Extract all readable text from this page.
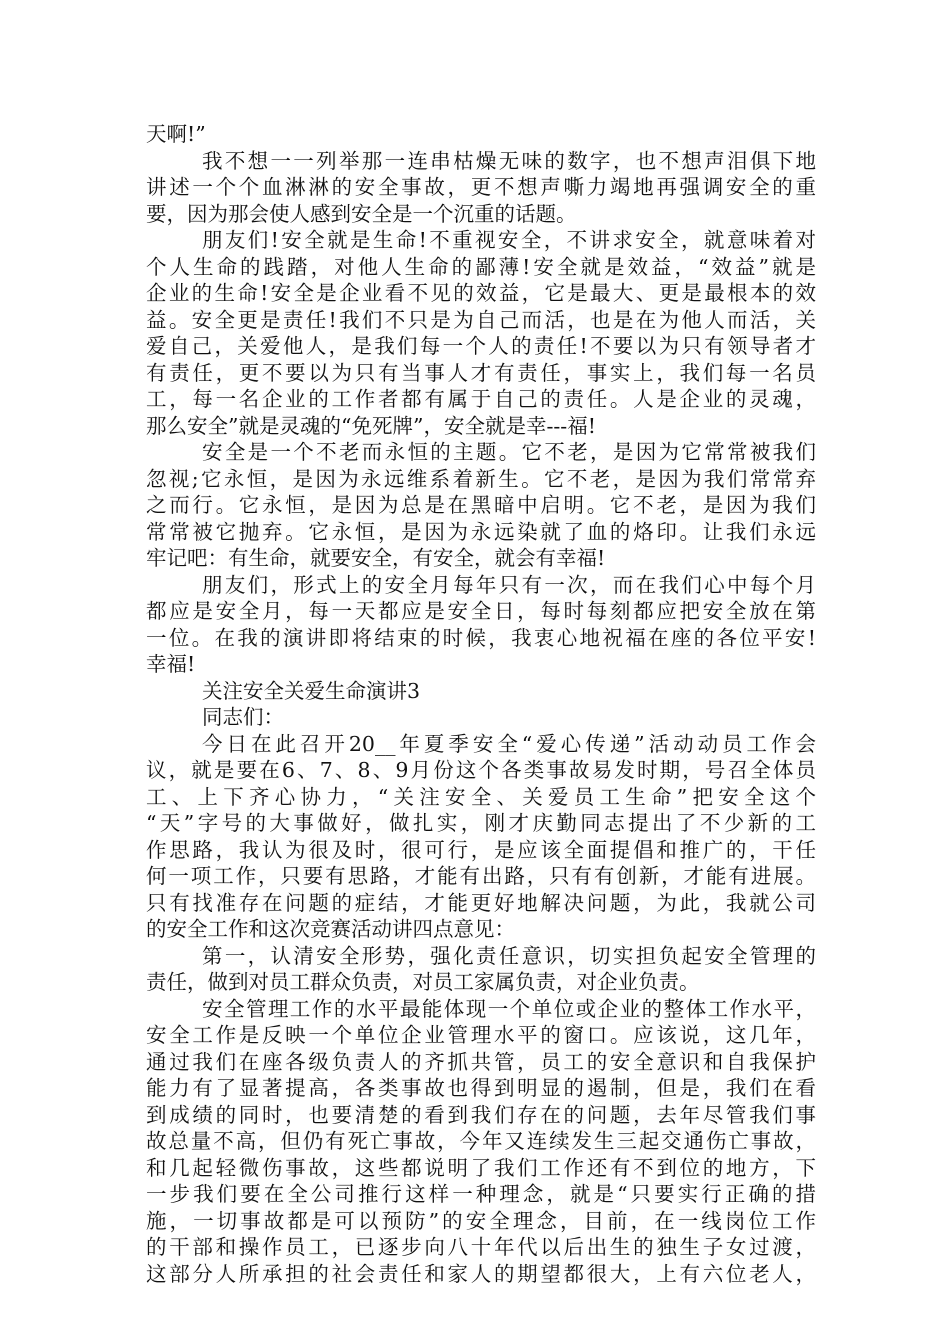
天啊!”
我不想一一列举那一连串枯燥无味的数字，也不想声泪俱下地
讲述一个个血淋淋的安全事故，更不想声嘶力竭地再强调安全的重
要，因为那会使人感到安全是一个沉重的话题。
朋友们!安全就是生命!不重视安全，不讲求安全，就意味着对
个人生命的践踏，对他人生命的鄙薄!安全就是效益，“效益”就是
企业的生命!安全是企业看不见的效益，它是最大、更是最根本的效
益。安全更是责任!我们不只是为自己而活，也是在为他人而活，关
爱自己，关爱他人，是我们每一个人的责任!不要以为只有领导者才
有责任，更不要以为只有当事人才有责任，事实上，我们每一名员
工，每一名企业的工作者都有属于自己的责任。人是企业的灵魂，
那么安全”就是灵魂的“免死牌”，安全就是幸---福!
安全是一个不老而永恒的主题。它不老，是因为它常常被我们
忽视;它永恒，是因为永远维系着新生。它不老，是因为我们常常弃
之而行。它永恒，是因为总是在黑暗中启明。它不老，是因为我们
常常被它抛弃。它永恒，是因为永远染就了血的烙印。让我们永远
牢记吧：有生命，就要安全，有安全，就会有幸福!
朋友们，形式上的安全月每年只有一次，而在我们心中每个月
都应是安全月，每一天都应是安全日，每时每刻都应把安全放在第
一位。在我的演讲即将结束的时候，我衷心地祝福在座的各位平安!
幸福!
关注安全关爱生命演讲3
同志们：
今日在此召开20__年夏季安全“爱心传递”活动动员工作会
议，就是要在6、7、8、9月份这个各类事故易发时期，号召全体员
工、上下齐心协力，“关注安全、关爱员工生命”把安全这个
“天”字号的大事做好，做扎实，刚才庆勤同志提出了不少新的工
作思路，我认为很及时，很可行，是应该全面提倡和推广的，干任
何一项工作，只要有思路，才能有出路，只有有创新，才能有进展。
只有找准存在问题的症结，才能更好地解决问题，为此，我就公司
的安全工作和这次竞赛活动讲四点意见：
第一，认清安全形势，强化责任意识，切实担负起安全管理的
责任，做到对员工群众负责，对员工家属负责，对企业负责。
安全管理工作的水平最能体现一个单位或企业的整体工作水平，
安全工作是反映一个单位企业管理水平的窗口。应该说，这几年，
通过我们在座各级负责人的齐抓共管，员工的安全意识和自我保护
能力有了显著提高，各类事故也得到明显的遏制，但是，我们在看
到成绩的同时，也要清楚的看到我们存在的问题，去年尽管我们事
故总量不高，但仍有死亡事故，今年又连续发生三起交通伤亡事故，
和几起轻微伤事故，这些都说明了我们工作还有不到位的地方，下
一步我们要在全公司推行这样一种理念，就是“只要实行正确的措
施，一切事故都是可以预防”的安全理念，目前，在一线岗位工作
的干部和操作员工，已逐步向八十年代以后出生的独生子女过渡，
这部分人所承担的社会责任和家人的期望都很大，上有六位老人，
